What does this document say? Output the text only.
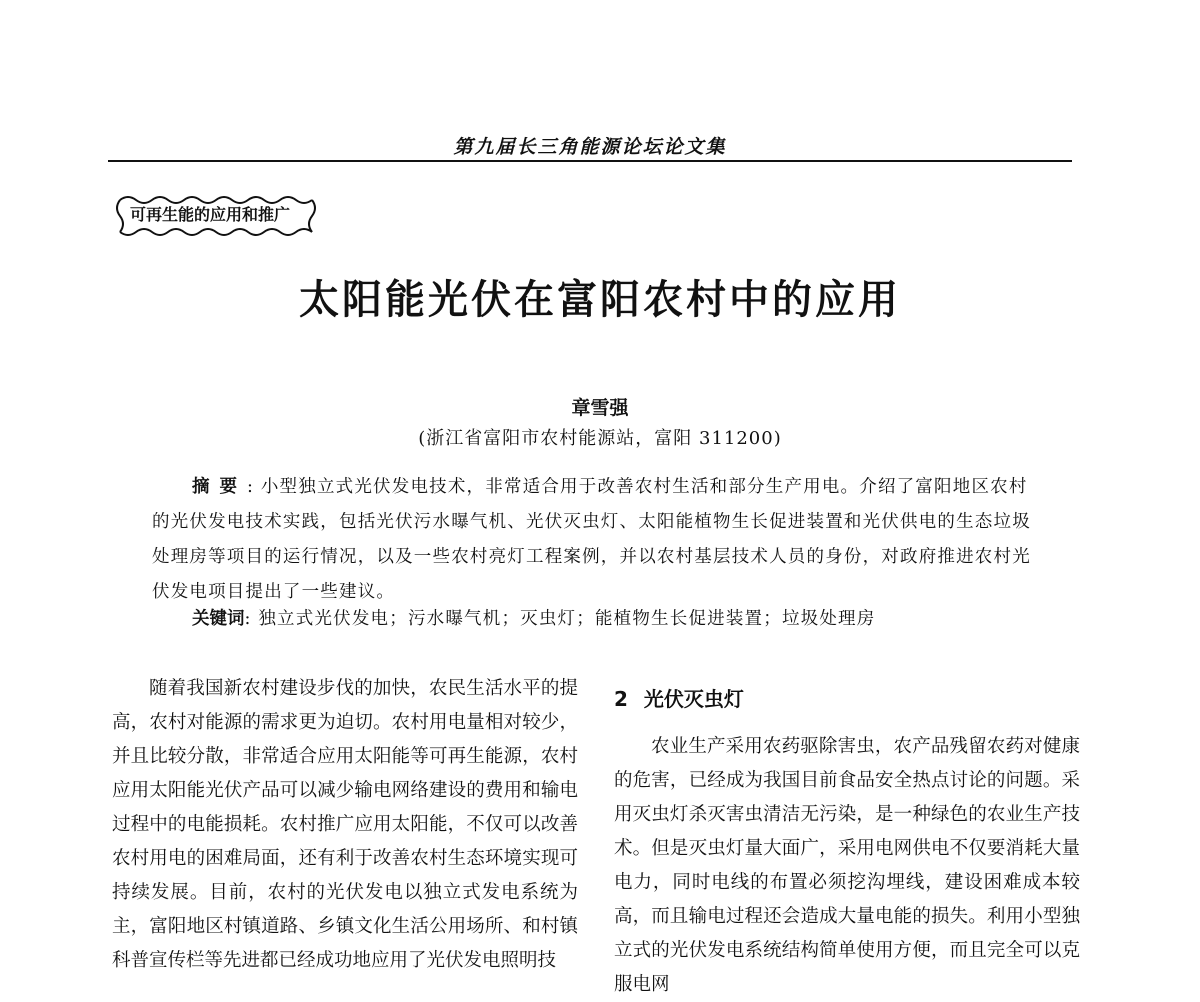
第九届长三角能源论坛论文集
可再生能的应用和推广
太阳能光伏在富阳农村中的应用
章雪强
(浙江省富阳市农村能源站，富阳 311200)

摘要: 小型独立式光伏发电技术，非常适合用于改善农村生活和部分生产用电。介绍了富阳地区农村的光伏发电技术实践，包括光伏污水曝气机、光伏灭虫灯、太阳能植物生长促进装置和光伏供电的生态垃圾处理房等项目的运行情况，以及一些农村亮灯工程案例，并以农村基层技术人员的身份，对政府推进农村光伏发电项目提出了一些建议。

关键词: 独立式光伏发电；污水曝气机；灭虫灯；能植物生长促进装置；垃圾处理房

随着我国新农村建设步伐的加快，农民生活水平的提高，农村对能源的需求更为迫切。农村用电量相对较少，并且比较分散，非常适合应用太阳能等可再生能源，农村应用太阳能光伏产品可以减少输电网络建设的费用和输电过程中的电能损耗。农村推广应用太阳能，不仅可以改善农村用电的困难局面，还有利于改善农村生态环境实现可持续发展。目前，农村的光伏发电以独立式发电系统为主，富阳地区村镇道路、乡镇文化生活公用场所、和村镇科普宣传栏等先进都已经成功地应用了光伏发电照明技

2 光伏灭虫灯

农业生产采用农药驱除害虫，农产品残留农药对健康的危害，已经成为我国目前食品安全热点讨论的问题。采用灭虫灯杀灭害虫清洁无污染，是一种绿色的农业生产技术。但是灭虫灯量大面广，采用电网供电不仅要消耗大量电力，同时电线的布置必须挖沟埋线，建设困难成本较高，而且输电过程还会造成大量电能的损失。利用小型独立式的光伏发电系统结构简单使用方便，而且完全可以克服电网
